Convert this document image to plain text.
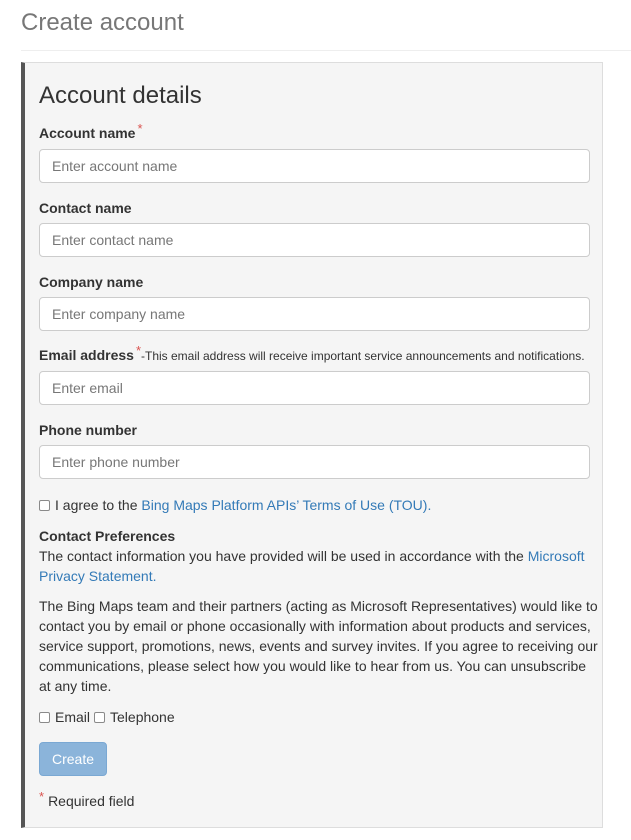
Create account
Account details
Account name *
Enter account name
Contact name
Enter contact name
Company name
Enter company name
Email address *-This email address will receive important service announcements and notifications.
Enter email
Phone number
Enter phone number
I agree to the Bing Maps Platform APIs’ Terms of Use (TOU) .
Contact Preferences

The contact information you have provided will be used in accordance with the Microsoft Privacy Statement.

The Bing Maps team and their partners (acting as Microsoft Representatives) would like to contact you by email or phone occasionally with information about products and services, service support, promotions, news, events and survey invites. If you agree to receiving our communications, please select how you would like to hear from us. You can unsubscribe at any time.

Email Telephone
Create
* Required field
